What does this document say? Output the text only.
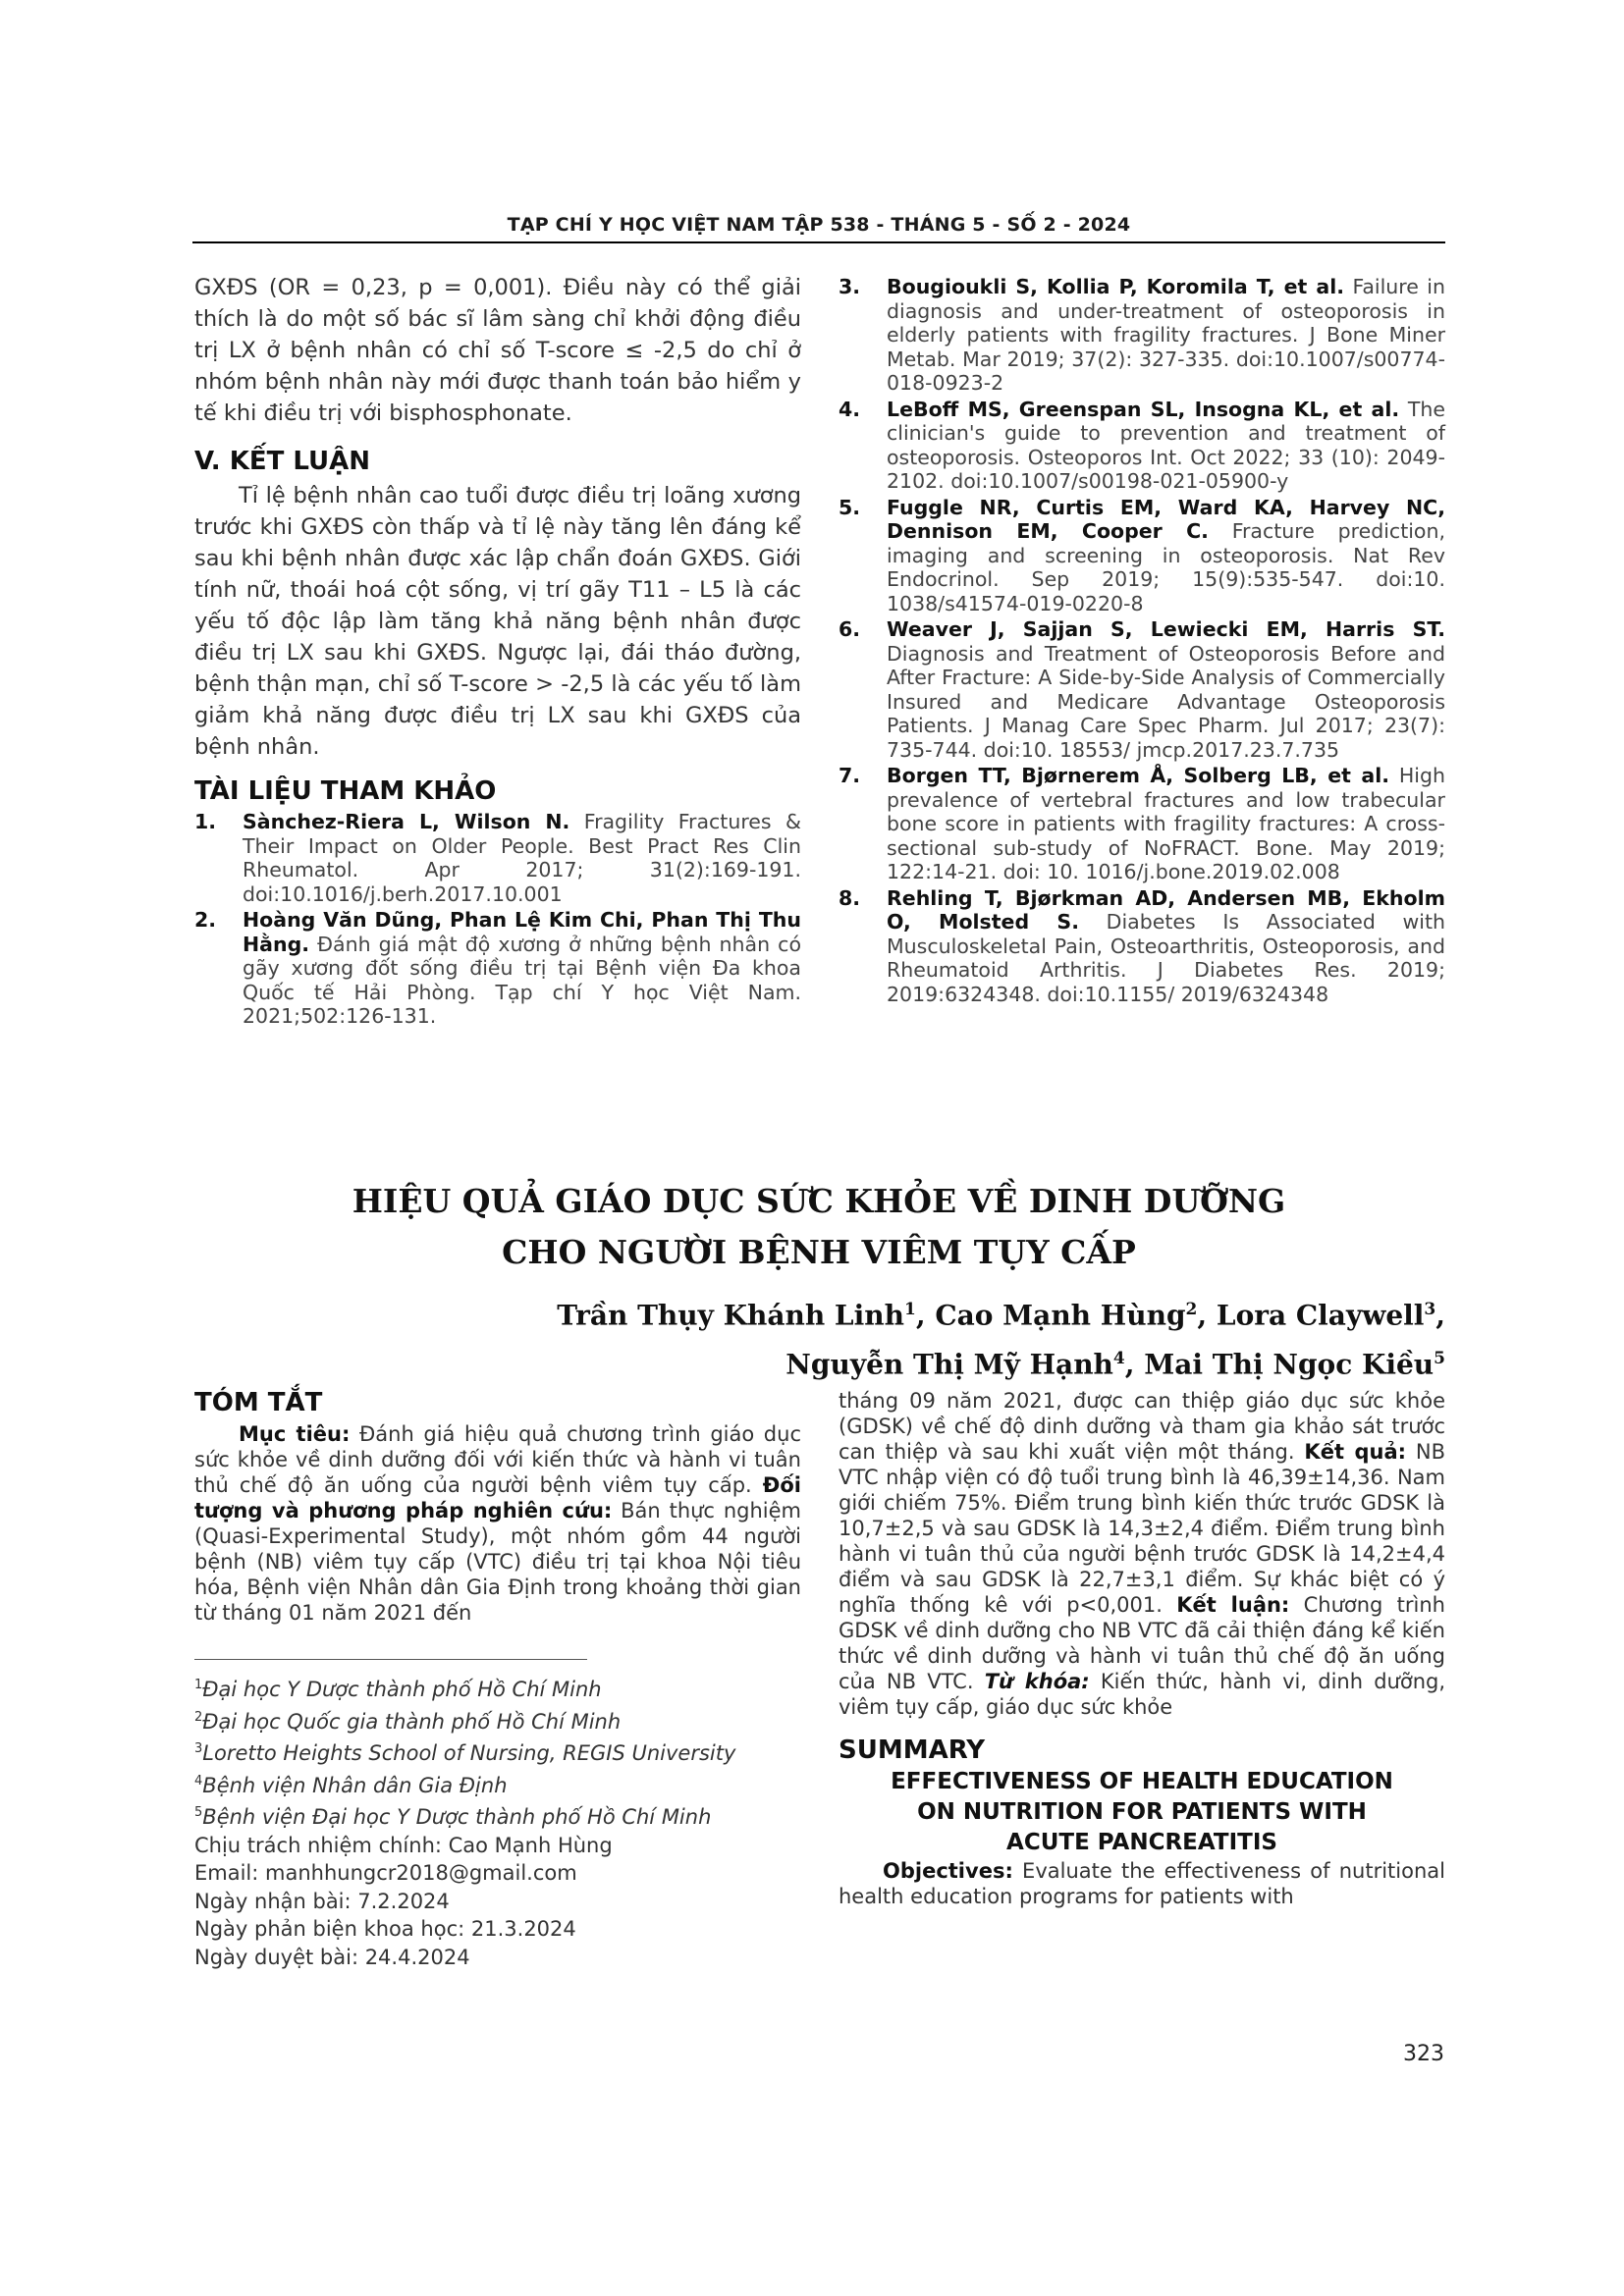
TẠP CHÍ Y HỌC VIỆT NAM TẬP 538 - THÁNG 5 - SỐ 2 - 2024

GXĐS (OR = 0,23, p = 0,001). Điều này có thể giải thích là do một số bác sĩ lâm sàng chỉ khởi động điều trị LX ở bệnh nhân có chỉ số T-score ≤ -2,5 do chỉ ở nhóm bệnh nhân này mới được thanh toán bảo hiểm y tế khi điều trị với bisphosphonate.

V. KẾT LUẬN

Tỉ lệ bệnh nhân cao tuổi được điều trị loãng xương trước khi GXĐS còn thấp và tỉ lệ này tăng lên đáng kể sau khi bệnh nhân được xác lập chẩn đoán GXĐS. Giới tính nữ, thoái hoá cột sống, vị trí gãy T11 – L5 là các yếu tố độc lập làm tăng khả năng bệnh nhân được điều trị LX sau khi GXĐS. Ngược lại, đái tháo đường, bệnh thận mạn, chỉ số T-score > -2,5 là các yếu tố làm giảm khả năng được điều trị LX sau khi GXĐS của bệnh nhân.

TÀI LIỆU THAM KHẢO
1. Sànchez-Riera L, Wilson N. Fragility Fractures & Their Impact on Older People. Best Pract Res Clin Rheumatol. Apr 2017; 31(2):169-191. doi:10.1016/j.berh.2017.10.001
2. Hoàng Văn Dũng, Phan Lệ Kim Chi, Phan Thị Thu Hằng. Đánh giá mật độ xương ở những bệnh nhân có gãy xương đốt sống điều trị tại Bệnh viện Đa khoa Quốc tế Hải Phòng. Tạp chí Y học Việt Nam. 2021;502:126-131.
3. Bougioukli S, Kollia P, Koromila T, et al. Failure in diagnosis and under-treatment of osteoporosis in elderly patients with fragility fractures. J Bone Miner Metab. Mar 2019; 37(2): 327-335. doi:10.1007/s00774-018-0923-2
4. LeBoff MS, Greenspan SL, Insogna KL, et al. The clinician's guide to prevention and treatment of osteoporosis. Osteoporos Int. Oct 2022; 33 (10): 2049-2102. doi:10.1007/s00198-021-05900-y
5. Fuggle NR, Curtis EM, Ward KA, Harvey NC, Dennison EM, Cooper C. Fracture prediction, imaging and screening in osteoporosis. Nat Rev Endocrinol. Sep 2019; 15(9):535-547. doi:10. 1038/s41574-019-0220-8
6. Weaver J, Sajjan S, Lewiecki EM, Harris ST. Diagnosis and Treatment of Osteoporosis Before and After Fracture: A Side-by-Side Analysis of Commercially Insured and Medicare Advantage Osteoporosis Patients. J Manag Care Spec Pharm. Jul 2017; 23(7): 735-744. doi:10. 18553/ jmcp.2017.23.7.735
7. Borgen TT, Bjørnerem Å, Solberg LB, et al. High prevalence of vertebral fractures and low trabecular bone score in patients with fragility fractures: A cross-sectional sub-study of NoFRACT. Bone. May 2019; 122:14-21. doi: 10. 1016/j.bone.2019.02.008
8. Rehling T, Bjørkman AD, Andersen MB, Ekholm O, Molsted S. Diabetes Is Associated with Musculoskeletal Pain, Osteoarthritis, Osteoporosis, and Rheumatoid Arthritis. J Diabetes Res. 2019; 2019:6324348. doi:10.1155/ 2019/6324348
HIỆU QUẢ GIÁO DỤC SỨC KHỎE VỀ DINH DƯỠNG
CHO NGƯỜI BỆNH VIÊM TỤY CẤP
Trần Thụy Khánh Linh$^1$, Cao Mạnh Hùng$^2$, Lora Claywell$^3$,
Nguyễn Thị Mỹ Hạnh$^4$, Mai Thị Ngọc Kiều$^5$
TÓM TẮT

Mục tiêu: Đánh giá hiệu quả chương trình giáo dục sức khỏe về dinh dưỡng đối với kiến thức và hành vi tuân thủ chế độ ăn uống của người bệnh viêm tụy cấp. Đối tượng và phương pháp nghiên cứu: Bán thực nghiệm (Quasi-Experimental Study), một nhóm gồm 44 người bệnh (NB) viêm tụy cấp (VTC) điều trị tại khoa Nội tiêu hóa, Bệnh viện Nhân dân Gia Định trong khoảng thời gian từ tháng 01 năm 2021 đến

$^1$Đại học Y Dược thành phố Hồ Chí Minh
$^2$Đại học Quốc gia thành phố Hồ Chí Minh
$^3$Loretto Heights School of Nursing, REGIS University
$^4$Bệnh viện Nhân dân Gia Định
$^5$Bệnh viện Đại học Y Dược thành phố Hồ Chí Minh
Chịu trách nhiệm chính: Cao Mạnh Hùng
Email: manhhungcr2018@gmail.com
Ngày nhận bài: 7.2.2024
Ngày phản biện khoa học: 21.3.2024
Ngày duyệt bài: 24.4.2024

tháng 09 năm 2021, được can thiệp giáo dục sức khỏe (GDSK) về chế độ dinh dưỡng và tham gia khảo sát trước can thiệp và sau khi xuất viện một tháng. Kết quả: NB VTC nhập viện có độ tuổi trung bình là 46,39±14,36. Nam giới chiếm 75%. Điểm trung bình kiến thức trước GDSK là 10,7±2,5 và sau GDSK là 14,3±2,4 điểm. Điểm trung bình hành vi tuân thủ của người bệnh trước GDSK là 14,2±4,4 điểm và sau GDSK là 22,7±3,1 điểm. Sự khác biệt có ý nghĩa thống kê với p<0,001. Kết luận: Chương trình GDSK về dinh dưỡng cho NB VTC đã cải thiện đáng kể kiến thức về dinh dưỡng và hành vi tuân thủ chế độ ăn uống của NB VTC. Từ khóa: Kiến thức, hành vi, dinh dưỡng, viêm tụy cấp, giáo dục sức khỏe

SUMMARY
EFFECTIVENESS OF HEALTH EDUCATION
ON NUTRITION FOR PATIENTS WITH
ACUTE PANCREATITIS

Objectives: Evaluate the effectiveness of nutritional health education programs for patients with

323
